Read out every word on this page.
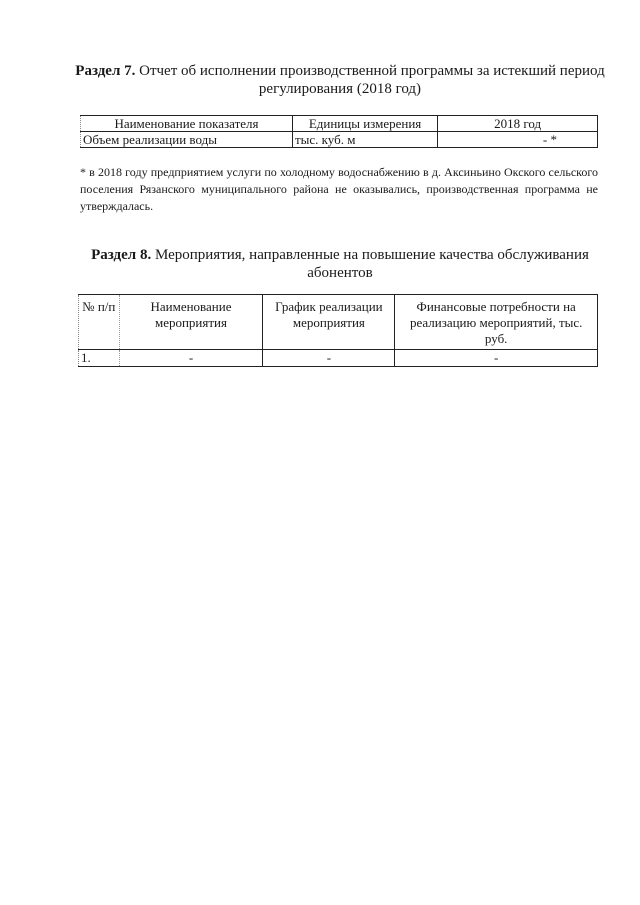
Раздел 7. Отчет об исполнении производственной программы за истекший период регулирования (2018 год)
Наименование показателя	Единицы измерения	2018 год
Объем реализации воды	тыс. куб. м	- *
* в 2018 году предприятием услуги по холодному водоснабжению в д. Аксиньино Окского сельского поселения Рязанского муниципального района не оказывались, производственная программа не утверждалась.
Раздел 8. Мероприятия, направленные на повышение качества обслуживания абонентов
№ п/п	Наименование мероприятия	График реализации мероприятия	Финансовые потребности на реализацию мероприятий, тыс. руб.
1.	-	-	-
